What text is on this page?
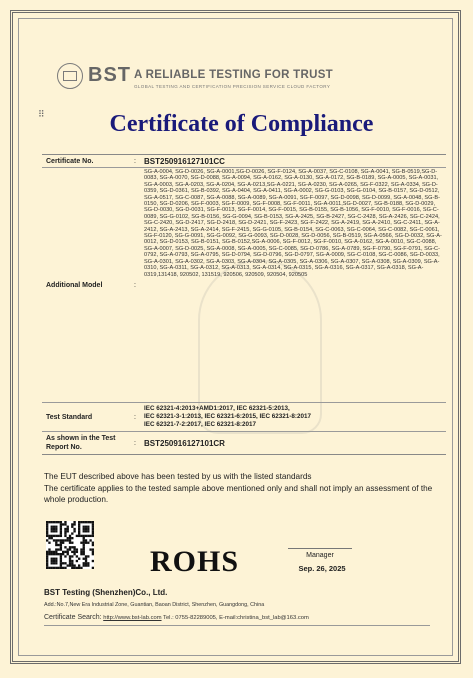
BST A RELIABLE TESTING FOR TRUST
GLOBAL TESTING AND CERTIFICATION PRECISION SERVICE CLOUD FACTORY
⠿	Certificate of Compliance
Certificate No.	:	BST250916127101CC
Additional Model	:
SG-A-0004, SG-D-0026, SG-A-0001,SG-D-0026, SG-F-0124, SG-A-0037, SG-C-0108, SG-A-0041, SG-B-0519,SG-D-0083, SG-A-0070, SG-D-0088, SG-A-0094, SG-A-0162, SG-A-0130, SG-A-0172, SG-B-0189, SG-A-0005, SG-A-0031, SG-A-0003, SG-A-0203, SG-A-0204, SG-A-0213,SG-A-0221, SG-A-0230, SG-A-0265, SG-F-0322, SG-A-0334, SG-D-0359, SG-D-0361, SG-B-0392, SG-A-0404, SG-A-0411, SG-A-0002, SG-G-0103, SG-G-0104, SG-B-0157, SG-D-0512, SG-A-0517, SG-C-0087, SG-A-0088, SG-A-0089, SG-A-0091, SG-F-0097, SG-D-0098, SG-D-0099, SG-A-0048, SG-B-0150, SG-D-0206, SG-F-0003, SG-F-0009, SG-F-0008, SG-F-0011, SG-A-0011,SG-D-0027, SG-B-0188, SG-D-0029, SG-D-0030, SG-D-0031, SG-F-0013, SG-F-0014, SG-F-0015, SG-B-0155, SG-B-1056, SG-F-0010, SG-F-0016, SG-C-0089, SG-G-0102, SG-B-0156, SG-G-0094, SG-B-0153, SG-A-2425, SG-B-2427, SG-C-2428, SG-A-2426, SG-C-2424, SG-C-2420, SG-D-2417, SG-D-2418, SG-D-2421, SG-F-2423, SG-F-2422, SG-A-2419, SG-A-2410, SG-C-2411, SG-A-2412, SG-A-2413, SG-A-2414, SG-F-2415, SG-G-0105, SG-B-0154, SG-C-0063, SG-C-0064, SG-C-0082, SG-C-0061, SG-F-0120, SG-G-0091, SG-G-0092, SG-G-0093, SG-D-0028, SG-D-0056, SG-B-0519, SG-A-0566, SG-D-0032, SG-A-0012, SG-D-0153, SG-B-0151, SG-B-0152,SG-A-0006, SG-F-0012, SG-F-0010, SG-A-0162, SG-A-0010, SG-C-0088, SG-A-0007, SG-D-0025, SG-A-0008, SG-A-0005, SG-C-0085, SG-D-0786, SG-A-0789, SG-F-0790, SG-F-0791, SG-C-0792, SG-A-0793, SG-A-0795, SG-D-0794, SG-D-0796, SG-D-0797, SG-A-0009, SG-C-0108, SG-C-0086, SG-D-0033, SG-A-0301, SG-A-0302, SG-A-0303, SG-A-0304, SG-A-0305, SG-A-0306, SG-A-0307, SG-A-0308, SG-A-0309, SG-A-0310, SG-A-0311, SG-A-0312, SG-A-0313, SG-A-0314, SG-A-0315, SG-A-0316, SG-A-0317, SG-A-0318, SG-A-0319,131418, 920502, 131519, 920506, 920509, 920504, 920505
Test Standard	:
IEC 62321-4:2013+AMD1:2017, IEC 62321-5:2013,
IEC 62321-3-1:2013, IEC 62321-6:2015, IEC 62321-8:2017
IEC 62321-7-2:2017, IEC 62321-8:2017
As shown in the Test Report No.
:	BST250916127101CR
The EUT described above has been tested by us with the listed standards
The certificate applies to the tested sample above mentioned only and shall not imply an assessment of the whole production.
ROHS	Manager
Sep. 26, 2025
BST Testing (Shenzhen)Co., Ltd.
Add.:No.7,New Era Industrial Zone, Guantian, Baoan District, Shenzhen, Guangdong, China
Certificate Search: http://www.bst-lab.com Tel.: 0755-82289005, E-mail:christina_bst_lab@163.com
